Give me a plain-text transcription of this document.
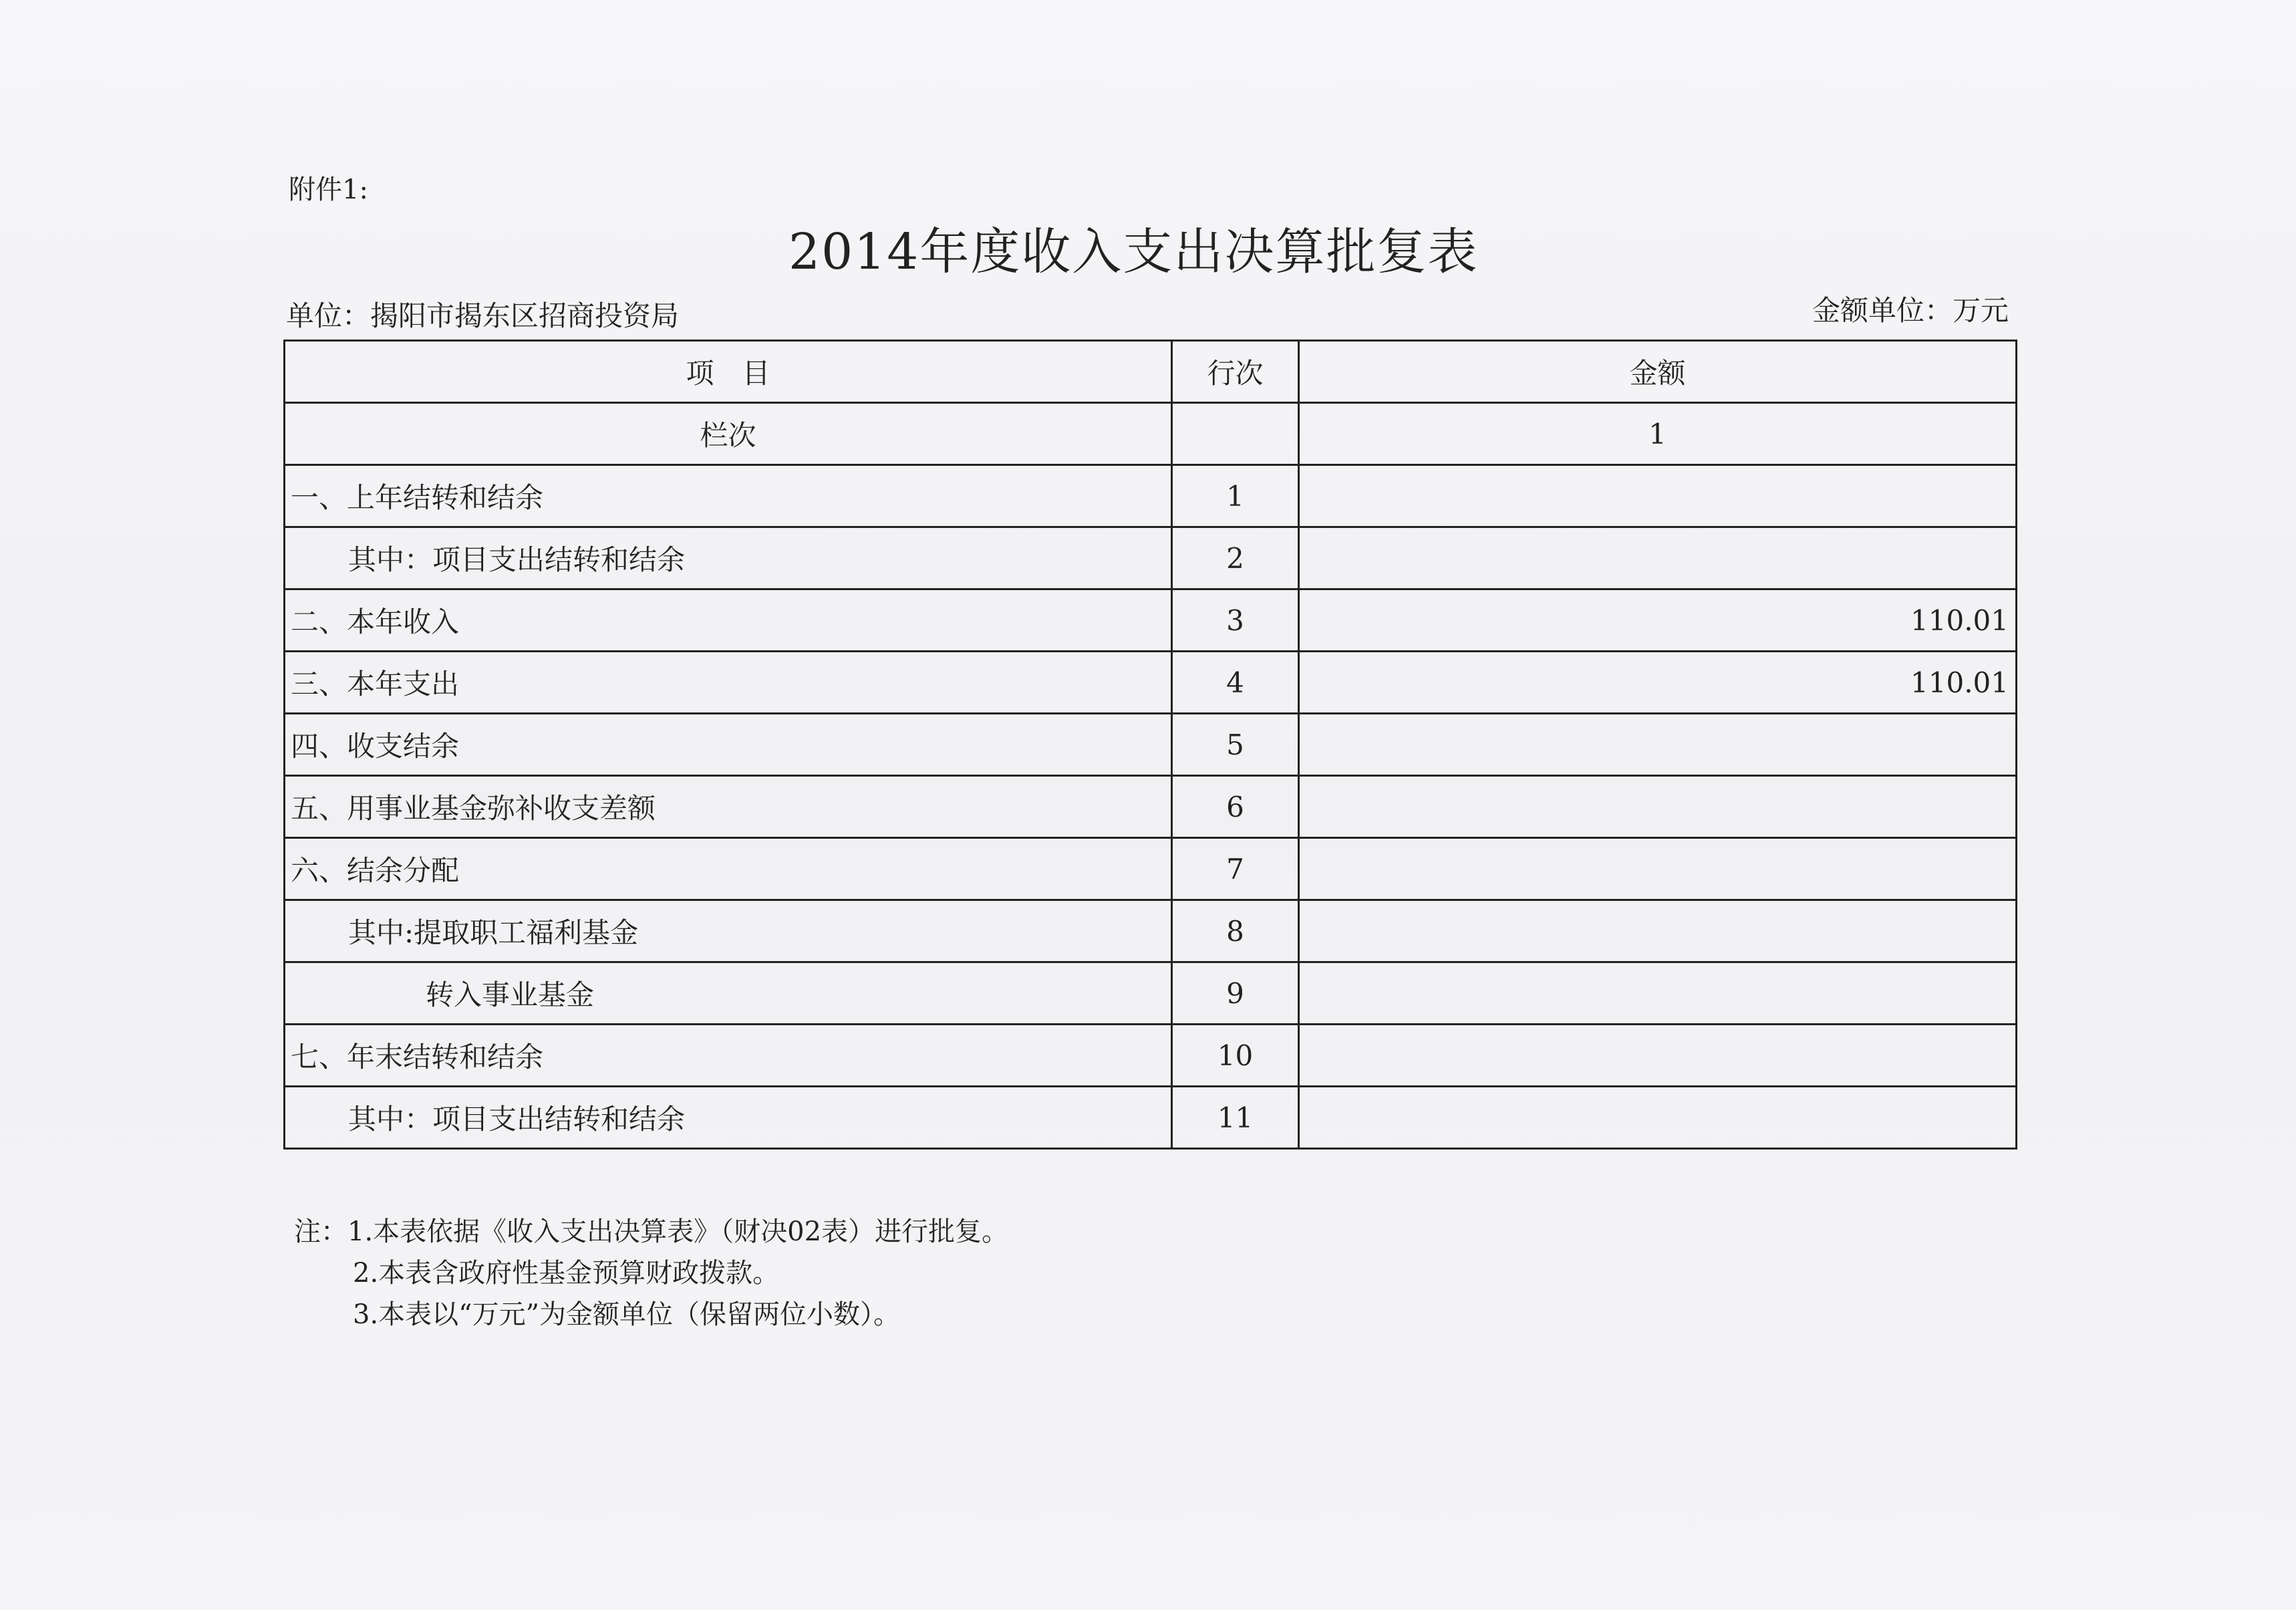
附件1:
2014年度收入支出决算批复表
单位：揭阳市揭东区招商投资局	金额单位：万元
项　目	行次	金额
栏次		1
一、上年结转和结余	1	
其中：项目支出结转和结余	2	
二、本年收入	3	110.01
三、本年支出	4	110.01
四、收支结余	5	
五、用事业基金弥补收支差额	6	
六、结余分配	7	
其中:提取职工福利基金	8	
转入事业基金	9	
七、年末结转和结余	10	
其中：项目支出结转和结余	11	
注：1.本表依据《收入支出决算表》（财决02表）进行批复。
2.本表含政府性基金预算财政拨款。
3.本表以“万元”为金额单位（保留两位小数）。
